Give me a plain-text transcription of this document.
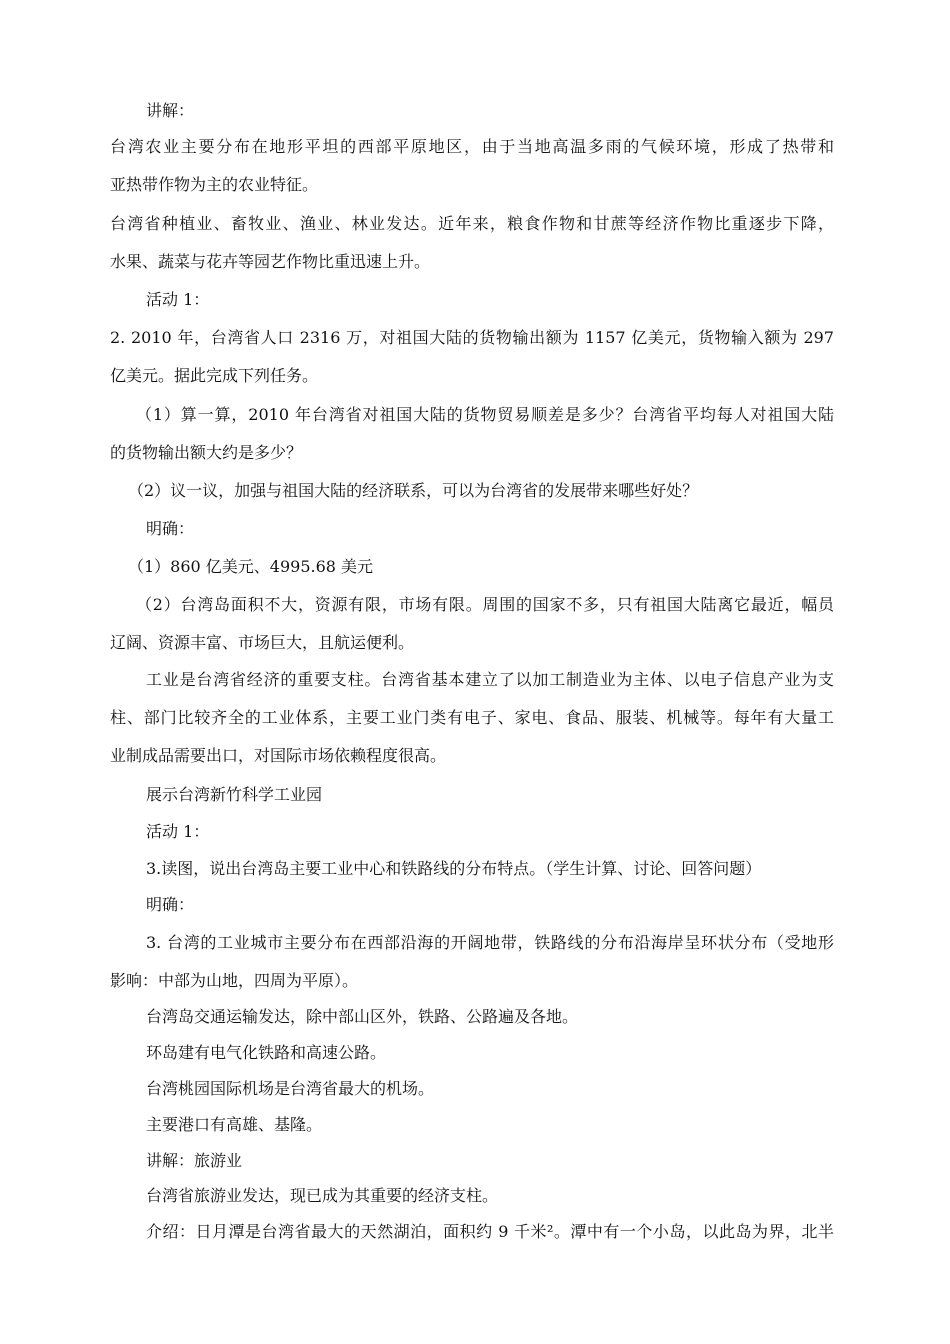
讲解：

台湾农业主要分布在地形平坦的西部平原地区，由于当地高温多雨的气候环境，形成了热带和

亚热带作物为主的农业特征。

台湾省种植业、畜牧业、渔业、林业发达。近年来，粮食作物和甘蔗等经济作物比重逐步下降，

水果、蔬菜与花卉等园艺作物比重迅速上升。

活动 1：

2. 2010 年，台湾省人口 2316 万，对祖国大陆的货物输出额为 1157 亿美元，货物输入额为 297

亿美元。据此完成下列任务。

（1）算一算，2010 年台湾省对祖国大陆的货物贸易顺差是多少？台湾省平均每人对祖国大陆

的货物输出额大约是多少？

（2）议一议，加强与祖国大陆的经济联系，可以为台湾省的发展带来哪些好处？

明确：

（1）860 亿美元、4995.68 美元

（2）台湾岛面积不大，资源有限，市场有限。周围的国家不多，只有祖国大陆离它最近，幅员

辽阔、资源丰富、市场巨大，且航运便利。

工业是台湾省经济的重要支柱。台湾省基本建立了以加工制造业为主体、以电子信息产业为支

柱、部门比较齐全的工业体系，主要工业门类有电子、家电、食品、服装、机械等。每年有大量工

业制成品需要出口，对国际市场依赖程度很高。

展示台湾新竹科学工业园

活动 1：

3.读图，说出台湾岛主要工业中心和铁路线的分布特点。（学生计算、讨论、回答问题）

明确：

3. 台湾的工业城市主要分布在西部沿海的开阔地带，铁路线的分布沿海岸呈环状分布（受地形

影响：中部为山地，四周为平原）。

台湾岛交通运输发达，除中部山区外，铁路、公路遍及各地。

环岛建有电气化铁路和高速公路。

台湾桃园国际机场是台湾省最大的机场。

主要港口有高雄、基隆。

讲解：旅游业

台湾省旅游业发达，现已成为其重要的经济支柱。

介绍：日月潭是台湾省最大的天然湖泊，面积约 9 千米²。潭中有一个小岛，以此岛为界，北半
